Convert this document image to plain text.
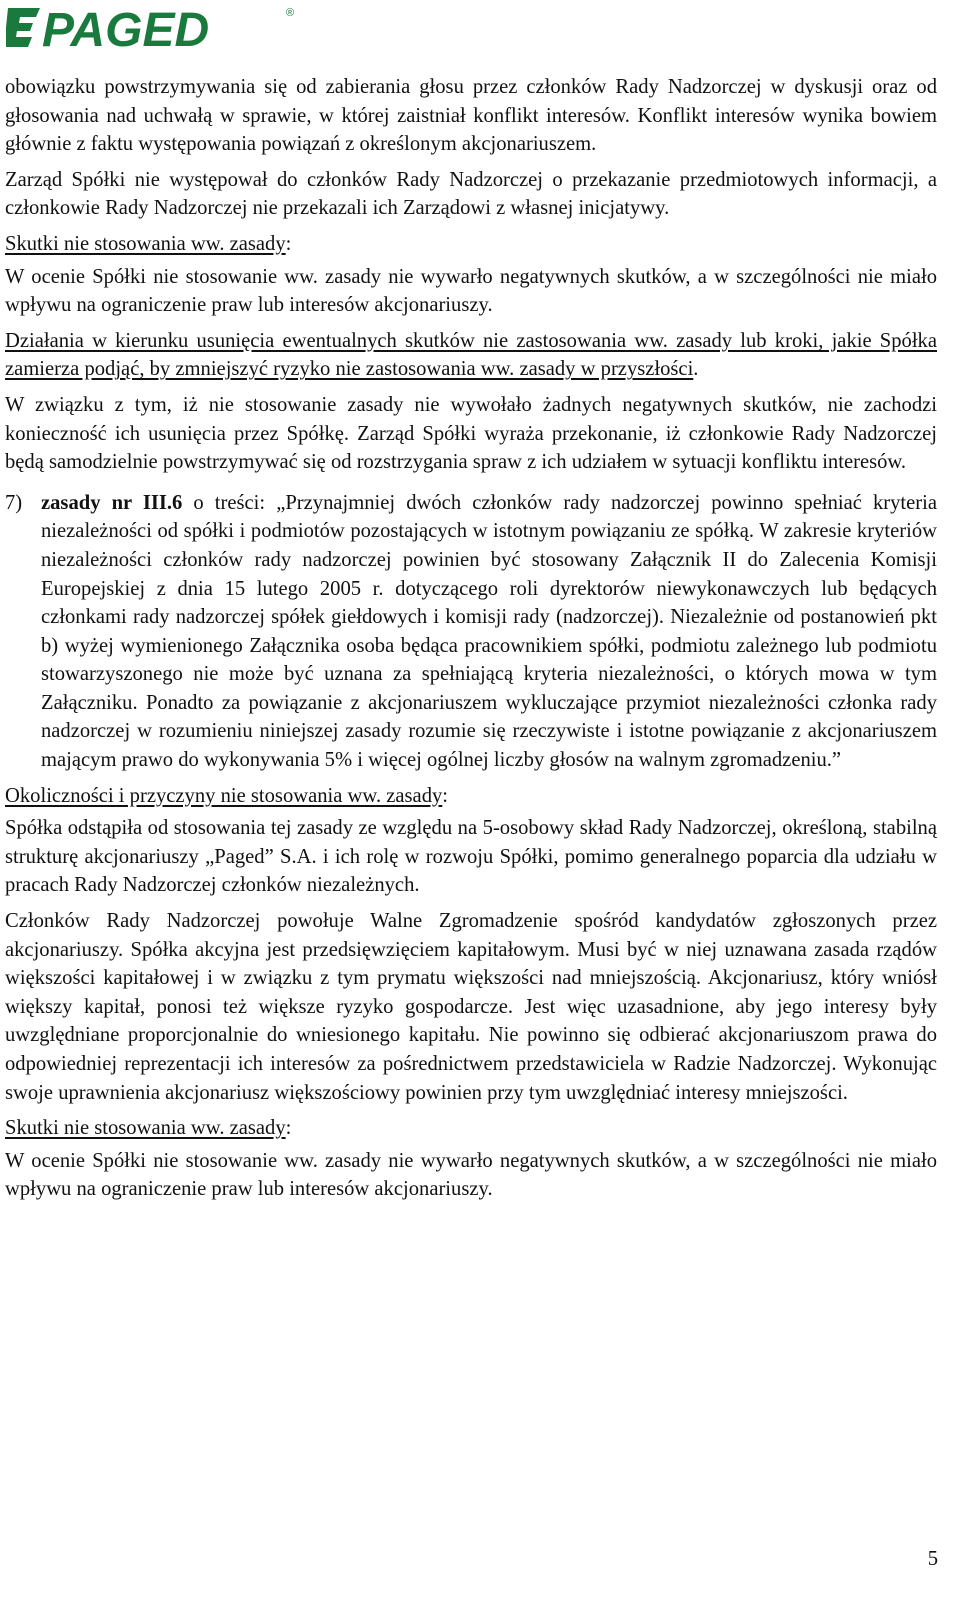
PAGED	®

obowiązku powstrzymywania się od zabierania głosu przez członków Rady Nadzorczej w dyskusji oraz od głosowania nad uchwałą w sprawie, w której zaistniał konflikt interesów. Konflikt interesów wynika bowiem głównie z faktu występowania powiązań z określonym akcjonariuszem.

Zarząd Spółki nie występował do członków Rady Nadzorczej o przekazanie przedmiotowych informacji, a członkowie Rady Nadzorczej nie przekazali ich Zarządowi z własnej inicjatywy.

Skutki nie stosowania ww. zasady:

W ocenie Spółki nie stosowanie ww. zasady nie wywarło negatywnych skutków, a w szczególności nie miało wpływu na ograniczenie praw lub interesów akcjonariuszy.

Działania w kierunku usunięcia ewentualnych skutków nie zastosowania ww. zasady lub kroki, jakie Spółka zamierza podjąć, by zmniejszyć ryzyko nie zastosowania ww. zasady w przyszłości.

W związku z tym, iż nie stosowanie zasady nie wywołało żadnych negatywnych skutków, nie zachodzi konieczność ich usunięcia przez Spółkę. Zarząd Spółki wyraża przekonanie, iż członkowie Rady Nadzorczej będą samodzielnie powstrzymywać się od rozstrzygania spraw z ich udziałem w sytuacji konfliktu interesów.

7) zasady nr III.6 o treści: „Przynajmniej dwóch członków rady nadzorczej powinno spełniać kryteria niezależności od spółki i podmiotów pozostających w istotnym powiązaniu ze spółką. W zakresie kryteriów niezależności członków rady nadzorczej powinien być stosowany Załącznik II do Zalecenia Komisji Europejskiej z dnia 15 lutego 2005 r. dotyczącego roli dyrektorów niewykonawczych lub będących członkami rady nadzorczej spółek giełdowych i komisji rady (nadzorczej). Niezależnie od postanowień pkt b) wyżej wymienionego Załącznika osoba będąca pracownikiem spółki, podmiotu zależnego lub podmiotu stowarzyszonego nie może być uznana za spełniającą kryteria niezależności, o których mowa w tym Załączniku. Ponadto za powiązanie z akcjonariuszem wykluczające przymiot niezależności członka rady nadzorczej w rozumieniu niniejszej zasady rozumie się rzeczywiste i istotne powiązanie z akcjonariuszem mającym prawo do wykonywania 5% i więcej ogólnej liczby głosów na walnym zgromadzeniu.”

Okoliczności i przyczyny nie stosowania ww. zasady:

Spółka odstąpiła od stosowania tej zasady ze względu na 5-osobowy skład Rady Nadzorczej, określoną, stabilną strukturę akcjonariuszy „Paged” S.A. i ich rolę w rozwoju Spółki, pomimo generalnego poparcia dla udziału w pracach Rady Nadzorczej członków niezależnych.

Członków Rady Nadzorczej powołuje Walne Zgromadzenie spośród kandydatów zgłoszonych przez akcjonariuszy. Spółka akcyjna jest przedsięwzięciem kapitałowym. Musi być w niej uznawana zasada rządów większości kapitałowej i w związku z tym prymatu większości nad mniejszością. Akcjonariusz, który wniósł większy kapitał, ponosi też większe ryzyko gospodarcze. Jest więc uzasadnione, aby jego interesy były uwzględniane proporcjonalnie do wniesionego kapitału. Nie powinno się odbierać akcjonariuszom prawa do odpowiedniej reprezentacji ich interesów za pośrednictwem przedstawiciela w Radzie Nadzorczej. Wykonując swoje uprawnienia akcjonariusz większościowy powinien przy tym uwzględniać interesy mniejszości.

Skutki nie stosowania ww. zasady:

W ocenie Spółki nie stosowanie ww. zasady nie wywarło negatywnych skutków, a w szczególności nie miało wpływu na ograniczenie praw lub interesów akcjonariuszy.

5
